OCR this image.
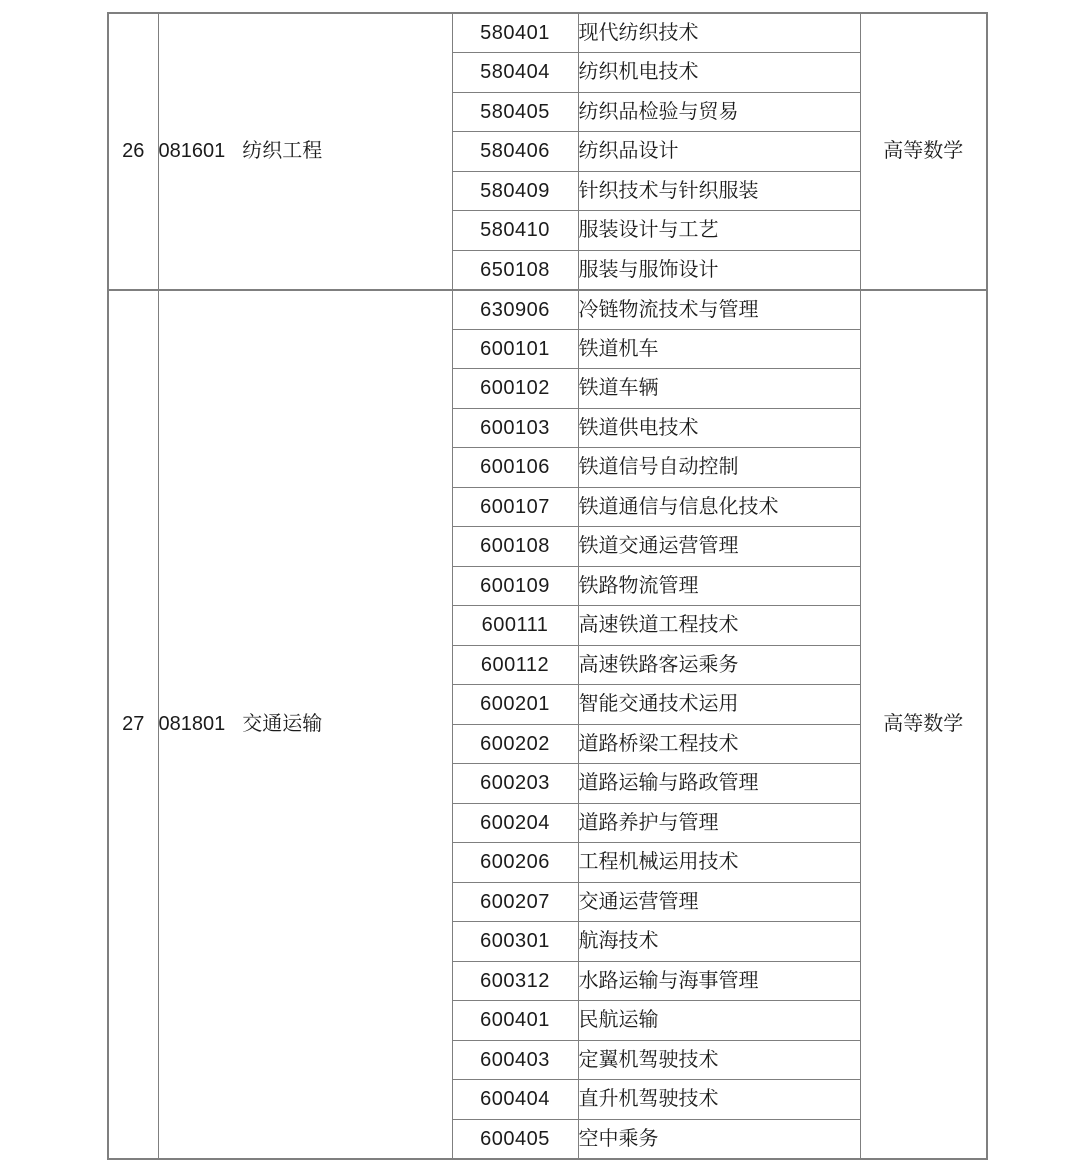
26	081601 纺织工程	580401	现代纺织技术	高等数学
		580404	纺织机电技术	
		580405	纺织品检验与贸易	
		580406	纺织品设计	
		580409	针织技术与针织服装	
		580410	服装设计与工艺	
		650108	服装与服饰设计	
27	081801 交通运输	630906	冷链物流技术与管理	高等数学
		600101	铁道机车	
		600102	铁道车辆	
		600103	铁道供电技术	
		600106	铁道信号自动控制	
		600107	铁道通信与信息化技术	
		600108	铁道交通运营管理	
		600109	铁路物流管理	
		600111	高速铁道工程技术	
		600112	高速铁路客运乘务	
		600201	智能交通技术运用	
		600202	道路桥梁工程技术	
		600203	道路运输与路政管理	
		600204	道路养护与管理	
		600206	工程机械运用技术	
		600207	交通运营管理	
		600301	航海技术	
		600312	水路运输与海事管理	
		600401	民航运输	
		600403	定翼机驾驶技术	
		600404	直升机驾驶技术	
		600405	空中乘务	
